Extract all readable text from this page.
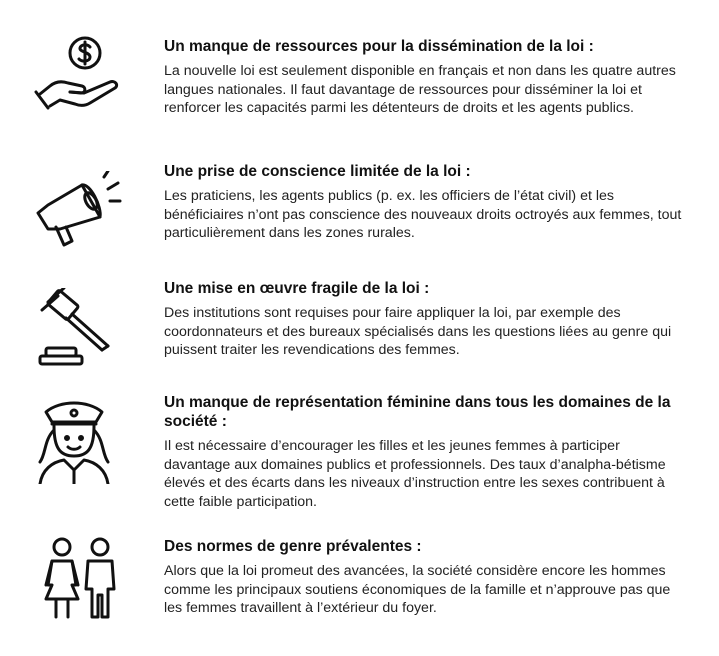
Un manque de ressources pour la dissémination de la loi :

La nouvelle loi est seulement disponible en français et non dans les quatre autres langues nationales. Il faut davantage de ressources pour disséminer la loi et renforcer les capacités parmi les détenteurs de droits et les agents publics.

Une prise de conscience limitée de la loi :

Les praticiens, les agents publics (p. ex. les officiers de l’état civil) et les bénéficiaires n’ont pas conscience des nouveaux droits octroyés aux femmes, tout particulièrement dans les zones rurales.

Une mise en œuvre fragile de la loi :

Des institutions sont requises pour faire appliquer la loi, par exemple des coordonnateurs et des bureaux spécialisés dans les questions liées au genre qui puissent traiter les revendications des femmes.

Un manque de représentation féminine dans tous les domaines de la société :

Il est nécessaire d’encourager les filles et les jeunes femmes à participer davantage aux domaines publics et professionnels. Des taux d’analpha-bétisme élevés et des écarts dans les niveaux d’instruction entre les sexes contribuent à cette faible participation.

Des normes de genre prévalentes :

Alors que la loi promeut des avancées, la société considère encore les hommes comme les principaux soutiens économiques de la famille et n’approuve pas que les femmes travaillent à l’extérieur du foyer.
